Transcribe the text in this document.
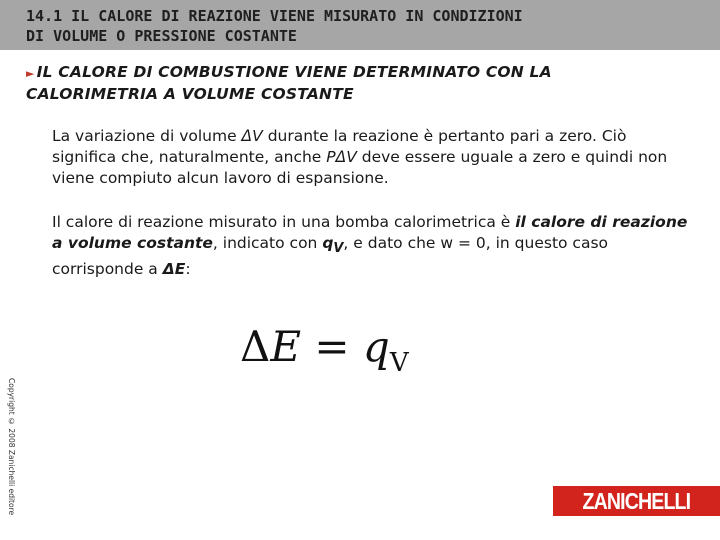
14.1 IL CALORE DI REAZIONE VIENE MISURATO IN CONDIZIONI
DI VOLUME O PRESSIONE COSTANTE
► IL CALORE DI COMBUSTIONE VIENE DETERMINATO CON LA
CALORIMETRIA A VOLUME COSTANTE

La variazione di volume ΔV durante la reazione è pertanto pari a zero. Ciò significa che, naturalmente, anche PΔV deve essere uguale a zero e quindi non viene compiuto alcun lavoro di espansione.

Il calore di reazione misurato in una bomba calorimetrica è il calore di reazione a volume costante, indicato con $q_V$, e dato che w = 0, in questo caso corrisponde a ΔE:

$\Delta E = q_V$
Copyright © 2008 Zanichelli editore	ZANICHELLI
